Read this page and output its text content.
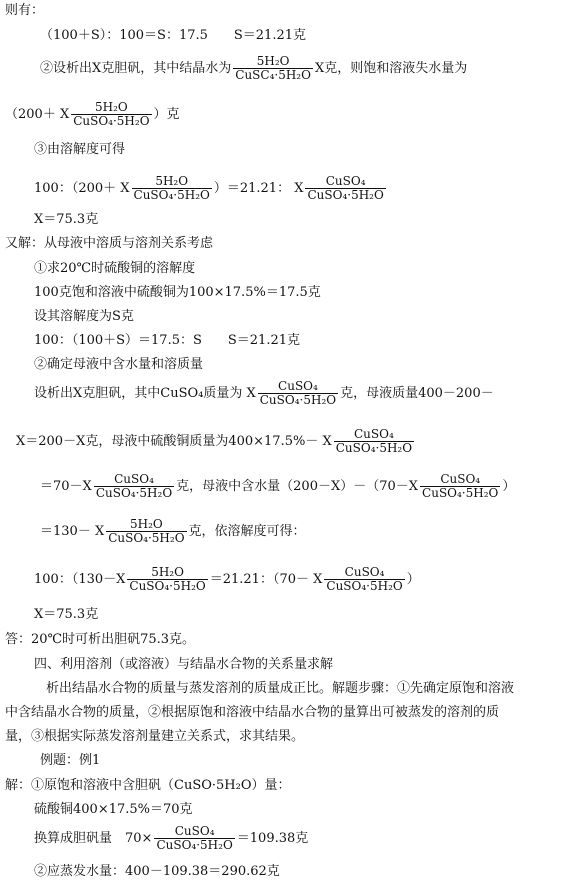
则有：
（100＋S）：100＝S：17.5　　S＝21.21克
②设析出X克胆矾，其中结晶水为 $\frac{\text{5H₂O}}{\text{CuSC₄·5H₂O}}$ X克，则饱和溶液失水量为
（200＋ X $\frac{\text{5H₂O}}{\text{CuSO₄·5H₂O}}$ ）克
③由溶解度可得
100：（200＋ X $\frac{\text{5H₂O}}{\text{CuSO₄·5H₂O}} )=21.21$： X $\frac{\text{CuSO₄}}{\text{CuSO₄·5H₂O}}$
X＝75.3克
又解：从母液中溶质与溶剂关系考虑
①求20℃时硫酸铜的溶解度
100克饱和溶液中硫酸铜为100×17.5%＝17.5克
设其溶解度为S克
100：（100＋S）＝17.5：S　　S＝21.21克
②确定母液中含水量和溶质量
设析出X克胆矾，其中CuSO₄质量为 X $\frac{\text{CuSO₄}}{\text{CuSO₄·5H₂O}}$ 克，母液质量400－200－
X＝200－X克，母液中硫酸铜质量为400×17.5%－ X $\frac{\text{CuSO₄}}{\text{CuSO₄·5H₂O}}$
$=70-X \frac{\text{CuSO₄}}{\text{CuSO₄·5H₂O}}$ 克，母液中含水量$(200-X)-(70-X \frac{\text{CuSO₄}}{\text{CuSO₄·5H₂O}}$ ）
＝130－ X $\frac{\text{5H₂O}}{\text{CuSO₄·5H₂O}}$ 克，依溶解度可得：
100：（$130-X \frac{\text{5H₂O}}{\text{CuSO₄·5H₂O}} =21.21$：（70－ X $\frac{\text{CuSO₄}}{\text{CuSO₄·5H₂O}}$ ）
X＝75.3克
答：20℃时可析出胆矾75.3克。
四、利用溶剂（或溶液）与结晶水合物的关系量求解
析出结晶水合物的质量与蒸发溶剂的质量成正比。解题步骤：①先确定原饱和溶液
中含结晶水合物的质量，②根据原饱和溶液中结晶水合物的量算出可被蒸发的溶剂的质
量，③根据实际蒸发溶剂量建立关系式，求其结果。
例题：例1
解：①原饱和溶液中含胆矾（CuSO·5H₂O）量：
硫酸铜400×17.5%＝70克
换算成胆矾量　$70\times \frac{\text{CuSO₄}}{\text{CuSO₄·5H₂O}} =109.38$克
②应蒸发水量：400－109.38＝290.62克
